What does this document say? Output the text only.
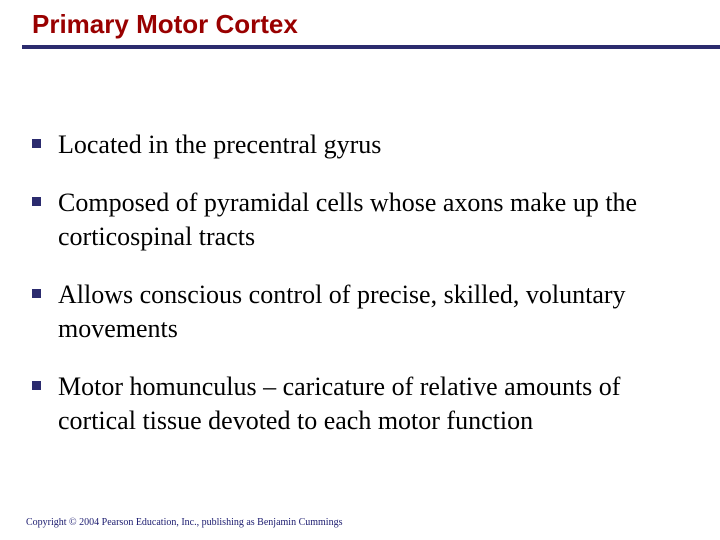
Primary Motor Cortex
Located in the precentral gyrus
Composed of pyramidal cells whose axons make up the corticospinal tracts
Allows conscious control of precise, skilled, voluntary movements
Motor homunculus – caricature of relative amounts of cortical tissue devoted to each motor function
Copyright © 2004 Pearson Education, Inc., publishing as Benjamin Cummings
